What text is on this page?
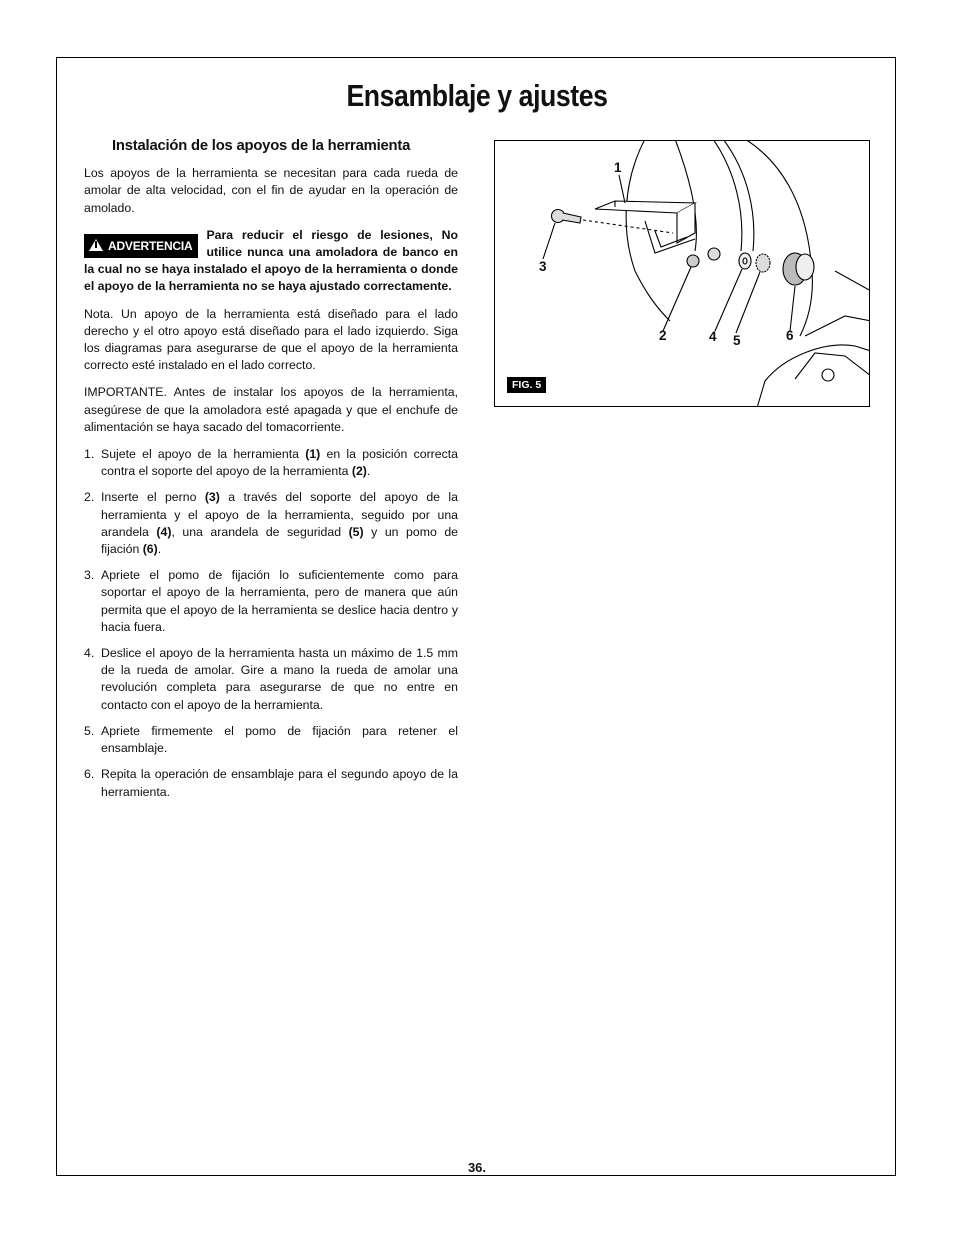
Ensamblaje y ajustes
Instalación de los apoyos de la herramienta

Los apoyos de la herramienta se necesitan para cada rueda de amolar de alta velocidad, con el fin de ayudar en la operación de amolado.

ADVERTENCIA
Para reducir el riesgo de lesiones, No utilice nunca una amoladora de banco en la cual no se haya instalado el apoyo de la herramienta o donde el apoyo de la herramienta no se haya ajustado correctamente.

Nota. Un apoyo de la herramienta está diseñado para el lado derecho y el otro apoyo está diseñado para el lado izquierdo. Siga los diagramas para asegurarse de que el apoyo de la herramienta correcto esté instalado en el lado correcto.

IMPORTANTE. Antes de instalar los apoyos de la herramienta, asegúrese de que la amoladora esté apagada y que el enchufe de alimentación se haya sacado del tomacorriente.

1. Sujete el apoyo de la herramienta (1) en la posición correcta contra el soporte del apoyo de la herramienta (2).
2. Inserte el perno (3) a través del soporte del apoyo de la herramienta y el apoyo de la herramienta, seguido por una arandela (4), una arandela de seguridad (5) y un pomo de fijación (6).
3. Apriete el pomo de fijación lo suficientemente como para soportar el apoyo de la herramienta, pero de manera que aún permita que el apoyo de la herramienta se deslice hacia dentro y hacia fuera.
4. Deslice el apoyo de la herramienta hasta un máximo de 1.5 mm de la rueda de amolar. Gire a mano la rueda de amolar una revolución completa para asegurarse de que no entre en contacto con el apoyo de la herramienta.
5. Apriete firmemente el pomo de fijación para retener el ensamblaje.
6. Repita la operación de ensamblaje para el segundo apoyo de la herramienta.
1
2
3
4 5	6
FIG. 5
36.
